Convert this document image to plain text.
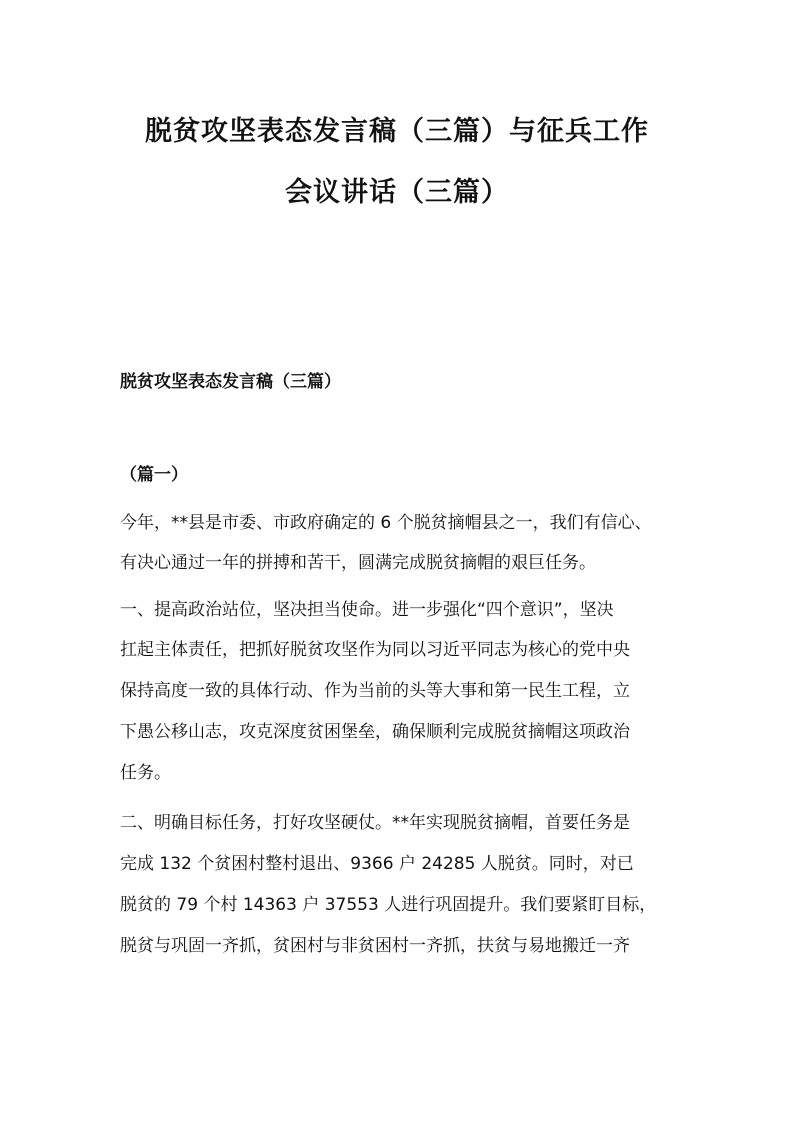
脱贫攻坚表态发言稿（三篇）与征兵工作
会议讲话（三篇）
脱贫攻坚表态发言稿（三篇）
（篇一）

今年，**县是市委、市政府确定的 6 个脱贫摘帽县之一，我们有信心、

有决心通过一年的拼搏和苦干，圆满完成脱贫摘帽的艰巨任务。

一、提高政治站位，坚决担当使命。进一步强化“四个意识”，坚决

扛起主体责任，把抓好脱贫攻坚作为同以习近平同志为核心的党中央

保持高度一致的具体行动、作为当前的头等大事和第一民生工程，立

下愚公移山志，攻克深度贫困堡垒，确保顺利完成脱贫摘帽这项政治

任务。

二、明确目标任务，打好攻坚硬仗。**年实现脱贫摘帽，首要任务是

完成 132 个贫困村整村退出、9366 户 24285 人脱贫。同时，对已

脱贫的 79 个村 14363 户 37553 人进行巩固提升。我们要紧盯目标，

脱贫与巩固一齐抓，贫困村与非贫困村一齐抓，扶贫与易地搬迁一齐
